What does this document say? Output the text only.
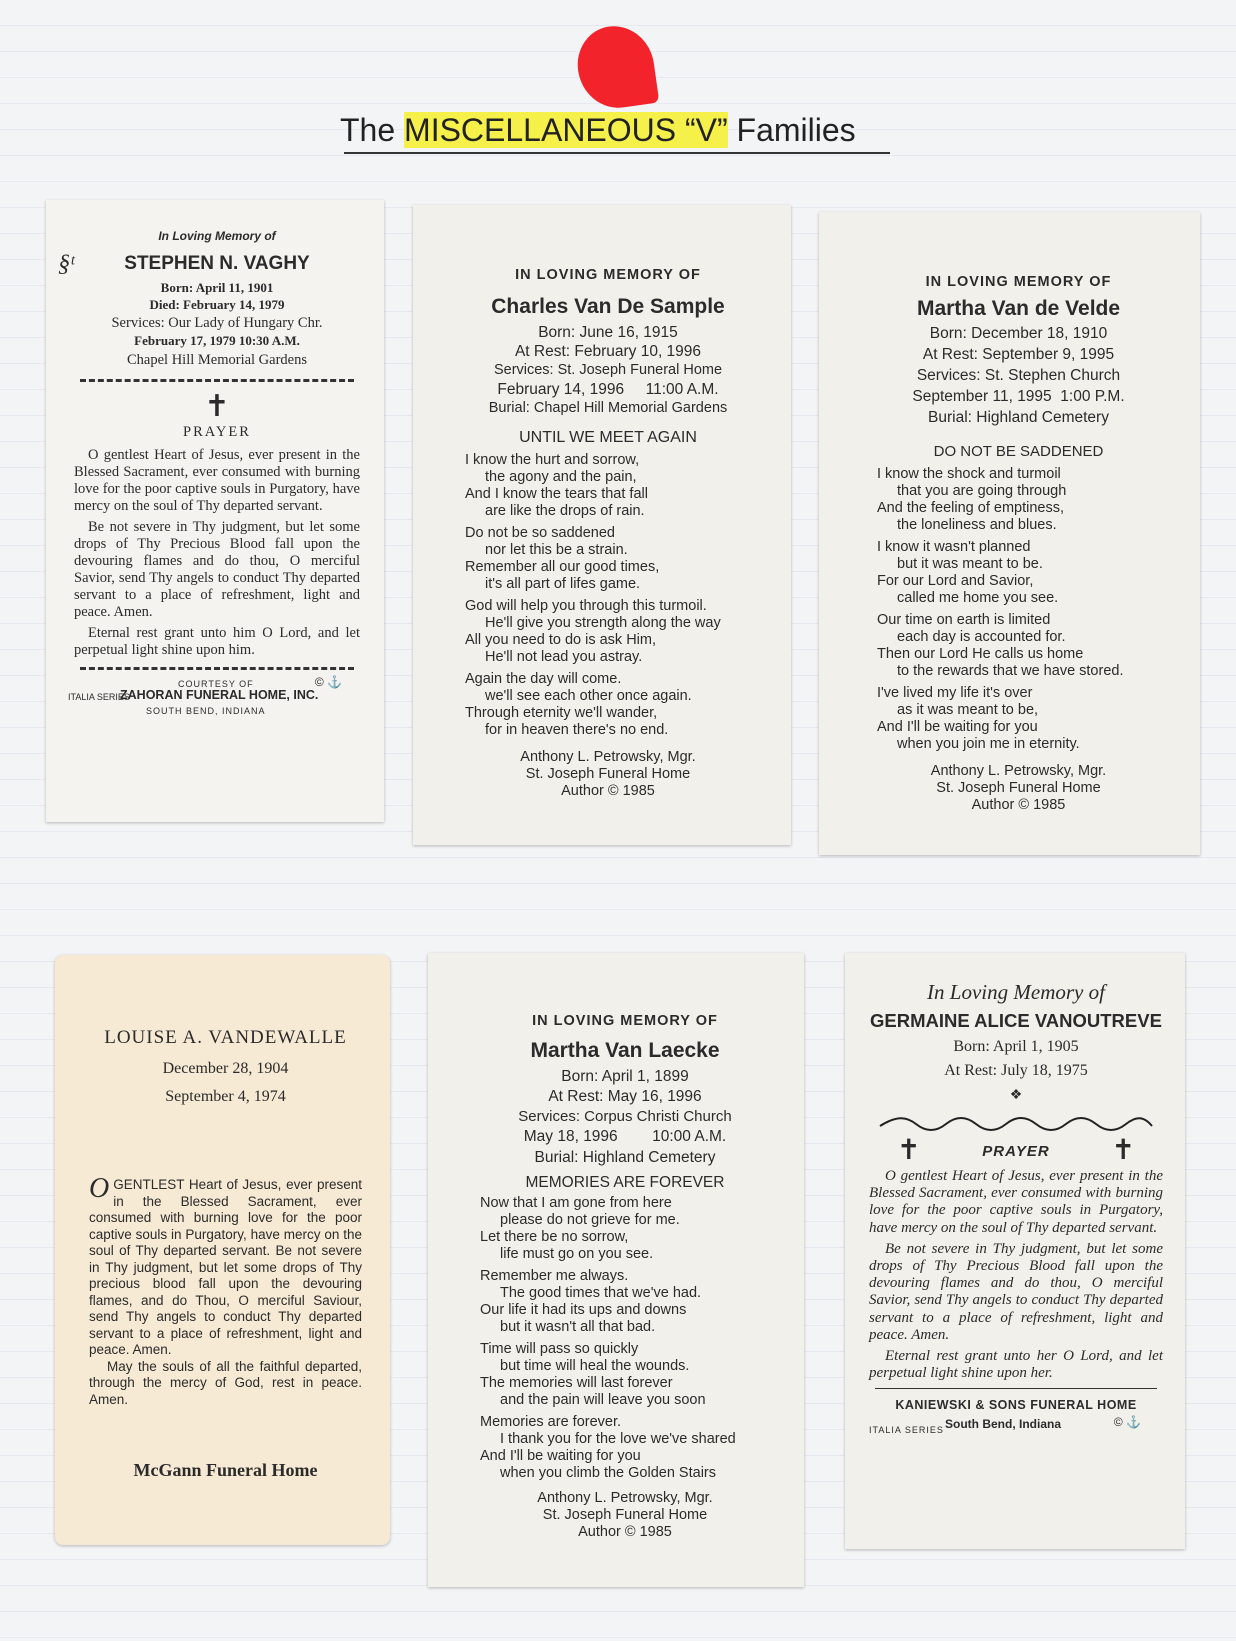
The MISCELLANEOUS “V” Families
§ᵗ
In Loving Memory of
STEPHEN N. VAGHY
Born: April 11, 1901
Died: February 14, 1979
Services: Our Lady of Hungary Chr.
February 17, 1979 10:30 A.M.
Chapel Hill Memorial Gardens
✝
PRAYER

O gentlest Heart of Jesus, ever present in the Blessed Sacrament, ever consumed with burning love for the poor captive souls in Purgatory, have mercy on the soul of Thy departed servant.

Be not severe in Thy judgment, but let some drops of Thy Precious Blood fall upon the devouring flames and do thou, O merciful Savior, send Thy angels to conduct Thy departed servant to a place of refreshment, light and peace. Amen.

Eternal rest grant unto him O Lord, and let perpetual light shine upon him.

COURTESY OF	© ⚓
ITALIA SERIES
ZAHORAN FUNERAL HOME, INC.
SOUTH BEND, INDIANA
IN LOVING MEMORY OF
Charles Van De Sample
Born: June 16, 1915
At Rest: February 10, 1996
Services: St. Joseph Funeral Home
February 14, 1996     11:00 A.M.
Burial: Chapel Hill Memorial Gardens
UNTIL WE MEET AGAIN
I know the hurt and sorrow,
the agony and the pain,
And I know the tears that fall
are like the drops of rain.
Do not be so saddened
nor let this be a strain.
Remember all our good times,
it's all part of lifes game.
God will help you through this turmoil.
He'll give you strength along the way
All you need to do is ask Him,
He'll not lead you astray.
Again the day will come.
we'll see each other once again.
Through eternity we'll wander,
for in heaven there's no end.
Anthony L. Petrowsky, Mgr.
St. Joseph Funeral Home
Author © 1985
IN LOVING MEMORY OF
Martha Van de Velde
Born: December 18, 1910
At Rest: September 9, 1995
Services: St. Stephen Church
September 11, 1995  1:00 P.M.
Burial: Highland Cemetery
DO NOT BE SADDENED
I know the shock and turmoil
that you are going through
And the feeling of emptiness,
the loneliness and blues.
I know it wasn't planned
but it was meant to be.
For our Lord and Savior,
called me home you see.
Our time on earth is limited
each day is accounted for.
Then our Lord He calls us home
to the rewards that we have stored.
I've lived my life it's over
as it was meant to be,
And I'll be waiting for you
when you join me in eternity.
Anthony L. Petrowsky, Mgr.
St. Joseph Funeral Home
Author © 1985
LOUISE A. VANDEWALLE
December 28, 1904
September 4, 1974

OGENTLEST Heart of Jesus, ever present in the Blessed Sacrament, ever consumed with burning love for the poor captive souls in Purgatory, have mercy on the soul of Thy departed servant. Be not severe in Thy judgment, but let some drops of Thy precious blood fall upon the devouring flames, and do Thou, O merciful Saviour, send Thy angels to conduct Thy departed servant to a place of refreshment, light and peace. Amen.

May the souls of all the faithful departed, through the mercy of God, rest in peace. Amen.

McGann Funeral Home
IN LOVING MEMORY OF
Martha Van Laecke
Born: April 1, 1899
At Rest: May 16, 1996
Services: Corpus Christi Church
May 18, 1996        10:00 A.M.
Burial: Highland Cemetery
MEMORIES ARE FOREVER
Now that I am gone from here
please do not grieve for me.
Let there be no sorrow,
life must go on you see.
Remember me always.
The good times that we've had.
Our life it had its ups and downs
but it wasn't all that bad.
Time will pass so quickly
but time will heal the wounds.
The memories will last forever
and the pain will leave you soon
Memories are forever.
I thank you for the love we've shared
And I'll be waiting for you
when you climb the Golden Stairs
Anthony L. Petrowsky, Mgr.
St. Joseph Funeral Home
Author © 1985
In Loving Memory of
GERMAINE ALICE VANOUTREVE
Born: April 1, 1905
At Rest: July 18, 1975
❖
✝	PRAYER ✝

O gentlest Heart of Jesus, ever present in the Blessed Sacrament, ever consumed with burning love for the poor captive souls in Purgatory, have mercy on the soul of Thy departed servant.

Be not severe in Thy judgment, but let some drops of Thy Precious Blood fall upon the devouring flames and do thou, O merciful Savior, send Thy angels to conduct Thy departed servant to a place of refreshment, light and peace. Amen.

Eternal rest grant unto her O Lord, and let perpetual light shine upon her.

KANIEWSKI & SONS FUNERAL HOME
ITALIA SERIES South Bend, Indiana	© ⚓
